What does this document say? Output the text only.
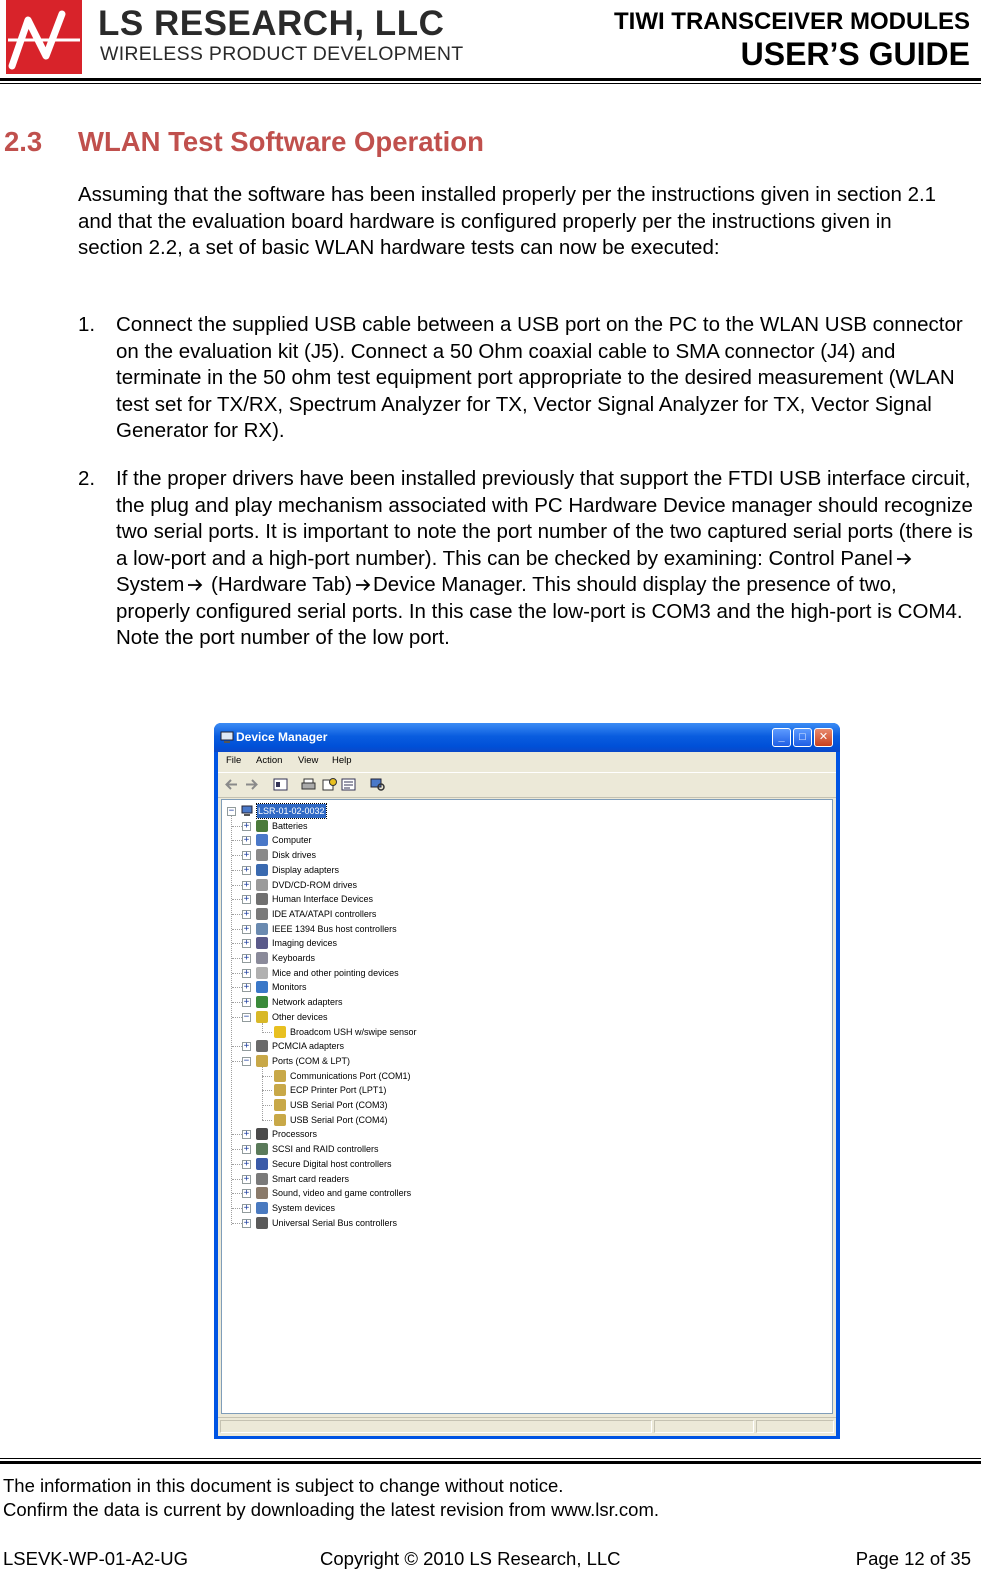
LS RESEARCH, LLC
WIRELESS PRODUCT DEVELOPMENT
TIWI TRANSCEIVER MODULES
USER’S GUIDE
2.3 WLAN Test Software Operation
Assuming that the software has been installed properly per the instructions given in section 2.1 and that the evaluation board hardware is configured properly per the instructions given in section 2.2, a set of basic WLAN hardware tests can now be executed:
1. Connect the supplied USB cable between a USB port on the PC to the WLAN USB connector on the evaluation kit (J5). Connect a 50 Ohm coaxial cable to SMA connector (J4) and terminate in the 50 ohm test equipment port appropriate to the desired measurement (WLAN test set for TX/RX, Spectrum Analyzer for TX, Vector Signal Analyzer for TX, Vector Signal Generator for RX).
2. If the proper drivers have been installed previously that support the FTDI USB interface circuit, the plug and play mechanism associated with PC Hardware Device manager should recognize two serial ports. It is important to note the port number of the two captured serial ports (there is a low-port and a high-port number). This can be checked by examining: Control Panel System (Hardware Tab) Device Manager. This should display the presence of two, properly configured serial ports. In this case the low-port is COM3 and the high-port is COM4. Note the port number of the low port.
Device Manager	_	□	✕
File Action View Help
−	LSR-01-02-0032
+	Batteries
+	Computer
+	Disk drives
+	Display adapters
+	DVD/CD-ROM drives
+	Human Interface Devices
+	IDE ATA/ATAPI controllers
+	IEEE 1394 Bus host controllers
+	Imaging devices
+	Keyboards
+	Mice and other pointing devices
+	Monitors
+	Network adapters
−	Other devices
Broadcom USH w/swipe sensor
+	PCMCIA adapters
−	Ports (COM & LPT)
Communications Port (COM1)
ECP Printer Port (LPT1)
USB Serial Port (COM3)
USB Serial Port (COM4)
+	Processors
+	SCSI and RAID controllers
+	Secure Digital host controllers
+	Smart card readers
+	Sound, video and game controllers
+	System devices
+	Universal Serial Bus controllers
The information in this document is subject to change without notice.
Confirm the data is current by downloading the latest revision from www.lsr.com.
LSEVK-WP-01-A2-UG	Copyright © 2010 LS Research, LLC	Page 12 of 35
